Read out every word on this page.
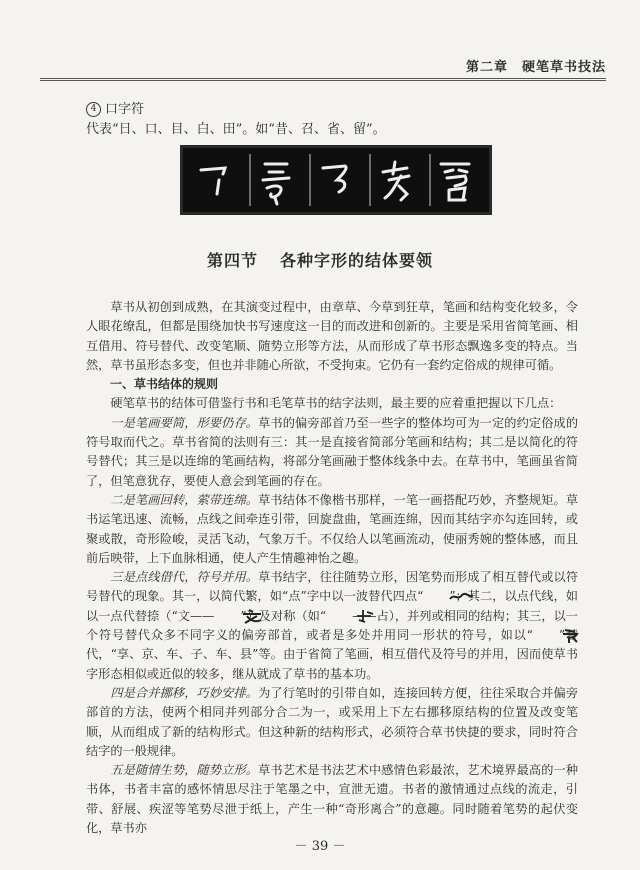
第二章　硬笔草书技法
4 口字符
代表“日、口、目、白、田”。如“昔、召、省、留”。
第四节 各种字形的结体要领

草书从初创到成熟，在其演变过程中，由章草、今草到狂草，笔画和结构变化较多，令人眼花缭乱，但都是围绕加快书写速度这一目的而改进和创新的。主要是采用省简笔画、相互借用、符号替代、改变笔顺、随势立形等方法，从而形成了草书形态飘逸多变的特点。当然，草书虽形态多变，但也并非随心所欲，不受拘束。它仍有一套约定俗成的规律可循。

一、草书结体的规则

硬笔草书的结体可借鉴行书和毛笔草书的结字法则，最主要的应着重把握以下几点：

一是笔画要简，形要仍存。草书的偏旁部首乃至一些字的整体均可为一定的约定俗成的符号取而代之。草书省简的法则有三：其一是直接省简部分笔画和结构；其二是以简化的符号替代；其三是以连绵的笔画结构，将部分笔画融于整体线条中去。在草书中，笔画虽省简了，但笔意犹存，要使人意会到笔画的存在。

二是笔画回转，萦带连绵。草书结体不像楷书那样，一笔一画搭配巧妙，齐整规矩。草书运笔迅速、流畅，点线之间牵连引带，回旋盘曲，笔画连绵，因而其结字亦勾连回转，或聚或散，奇形险峻，灵活飞动，气象万千。不仅给人以笔画流动，使丽秀婉的整体感，而且前后映带，上下血脉相通，使人产生情趣神怡之趣。

三是点线借代，符号并用。草书结字，往往随势立形，因笔势而形成了相互替代或以符号替代的现象。其一，以简代繁，如“点”字中以一波替代四点“ ”；其二，以点代线，如以一点代替捺（“文—— ”）及对称（如“ ——占），并列或相同的结构；其三，以一个符号替代众多不同字义的偏旁部首，或者是多处并用同一形状的符号，如以“ ”替代，“享、京、车、子、车、县”等。由于省简了笔画，相互借代及符号的并用，因而使草书字形态相似或近似的较多，继从就成了草书的基本功。

四是合并挪移，巧妙安排。为了行笔时的引带自如，连接回转方便，往往采取合并偏旁部首的方法，使两个相同并列部分合二为一，或采用上下左右挪移原结构的位置及改变笔顺，从而组成了新的结构形式。但这种新的结构形式，必须符合草书快捷的要求，同时符合结字的一般规律。

五是随情生势，随势立形。草书艺术是书法艺术中感情色彩最浓，艺术境界最高的一种书体，书者丰富的感怀情思尽注于笔墨之中，宣泄无遗。书者的激情通过点线的流走，引带、舒展、疾涩等笔势尽泄于纸上，产生一种“奇形离合”的意趣。同时随着笔势的起伏变化，草书亦

－ 39 －
